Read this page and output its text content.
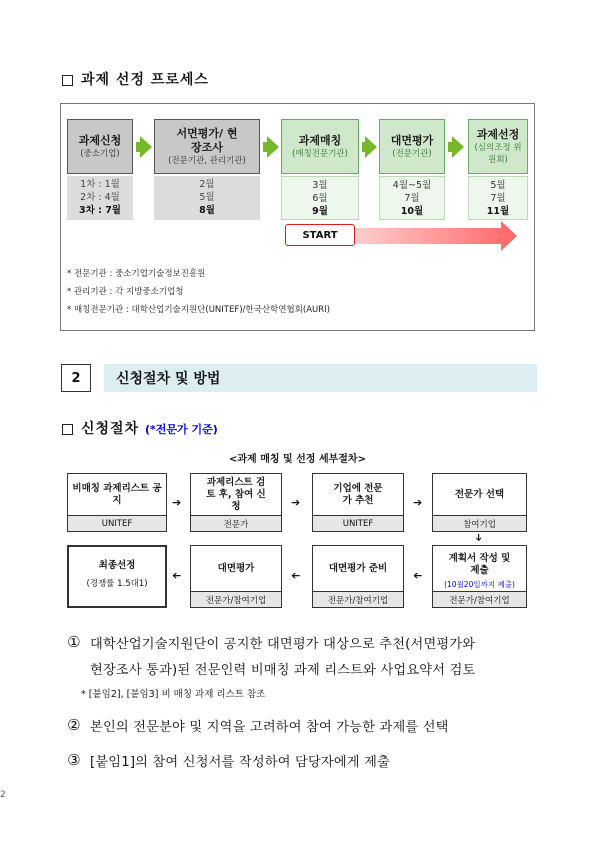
과제 선정 프로세스
과제신청
(중소기업)
서면평가/ 현장조사
(전문기관, 관리기관)
과제매칭
(매칭전문기관)
대면평가
(전문기관)
과제선정
(심의조정 위원회)
1차 : 1월
2차 : 4월
3차 : 7월
2월
5월
8월
3월
6월
9월
4월~5월
7월
10월
5월
7월
11월
START
* 전문기관 : 중소기업기술정보진흥원
* 관리기관 : 각 지방중소기업청
* 매칭전문기관 : 대학산업기술지원단(UNITEF)/한국산학연협회(AURI)
2	신청절차 및 방법
신청절차 (*전문가 기준)
<과제 매칭 및 선정 세부절차>
비매칭 과제리스트 공지
UNITEF
➔
과제리스트 검토 후, 참여 신청
전문가
➔
기업에 전문가 추천
UNITEF
➔
전문가 선택
참여기업
➔
최종선정
(경쟁률 1.5대1)
➔
대면평가
전문가/참여기업
➔
대면평가 준비
전문가/참여기업
➔
계획서 작성 및 제출
(10월20일까지 제출)
전문가/참여기업
① 대학산업기술지원단이 공지한 대면평가 대상으로 추천(서면평가와
현장조사 통과)된 전문인력 비매칭 과제 리스트와 사업요약서 검토
* [붙임2], [붙임3] 비 매칭 과제 리스트 참조
② 본인의 전문분야 및 지역을 고려하여 참여 가능한 과제를 선택
③ [붙임1]의 참여 신청서를 작성하여 담당자에게 제출
2
